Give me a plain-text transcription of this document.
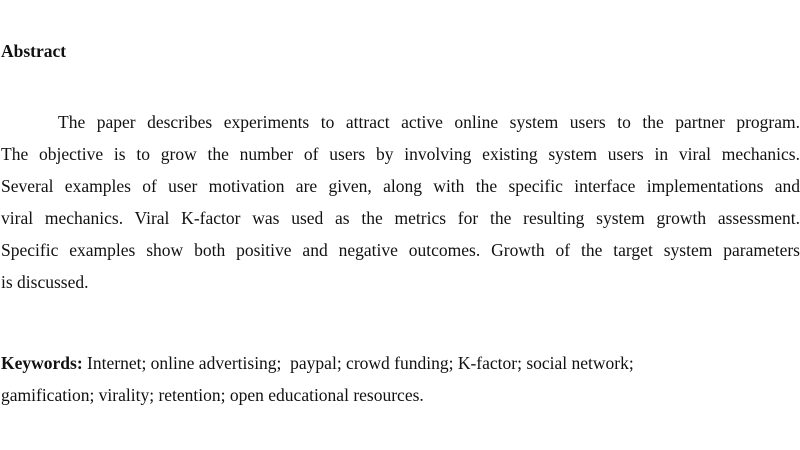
Abstract
The paper describes experiments to attract active online system users to the partner program.
The objective is to grow the number of users by involving existing system users in viral mechanics.
Several examples of user motivation are given, along with the specific interface implementations and
viral mechanics. Viral K-factor was used as the metrics for the resulting system growth assessment.
Specific examples show both positive and negative outcomes. Growth of the target system parameters
is discussed.
Keywords: Internet; online advertising;  paypal; crowd funding; K-factor; social network;
gamification; virality; retention; open educational resources.
